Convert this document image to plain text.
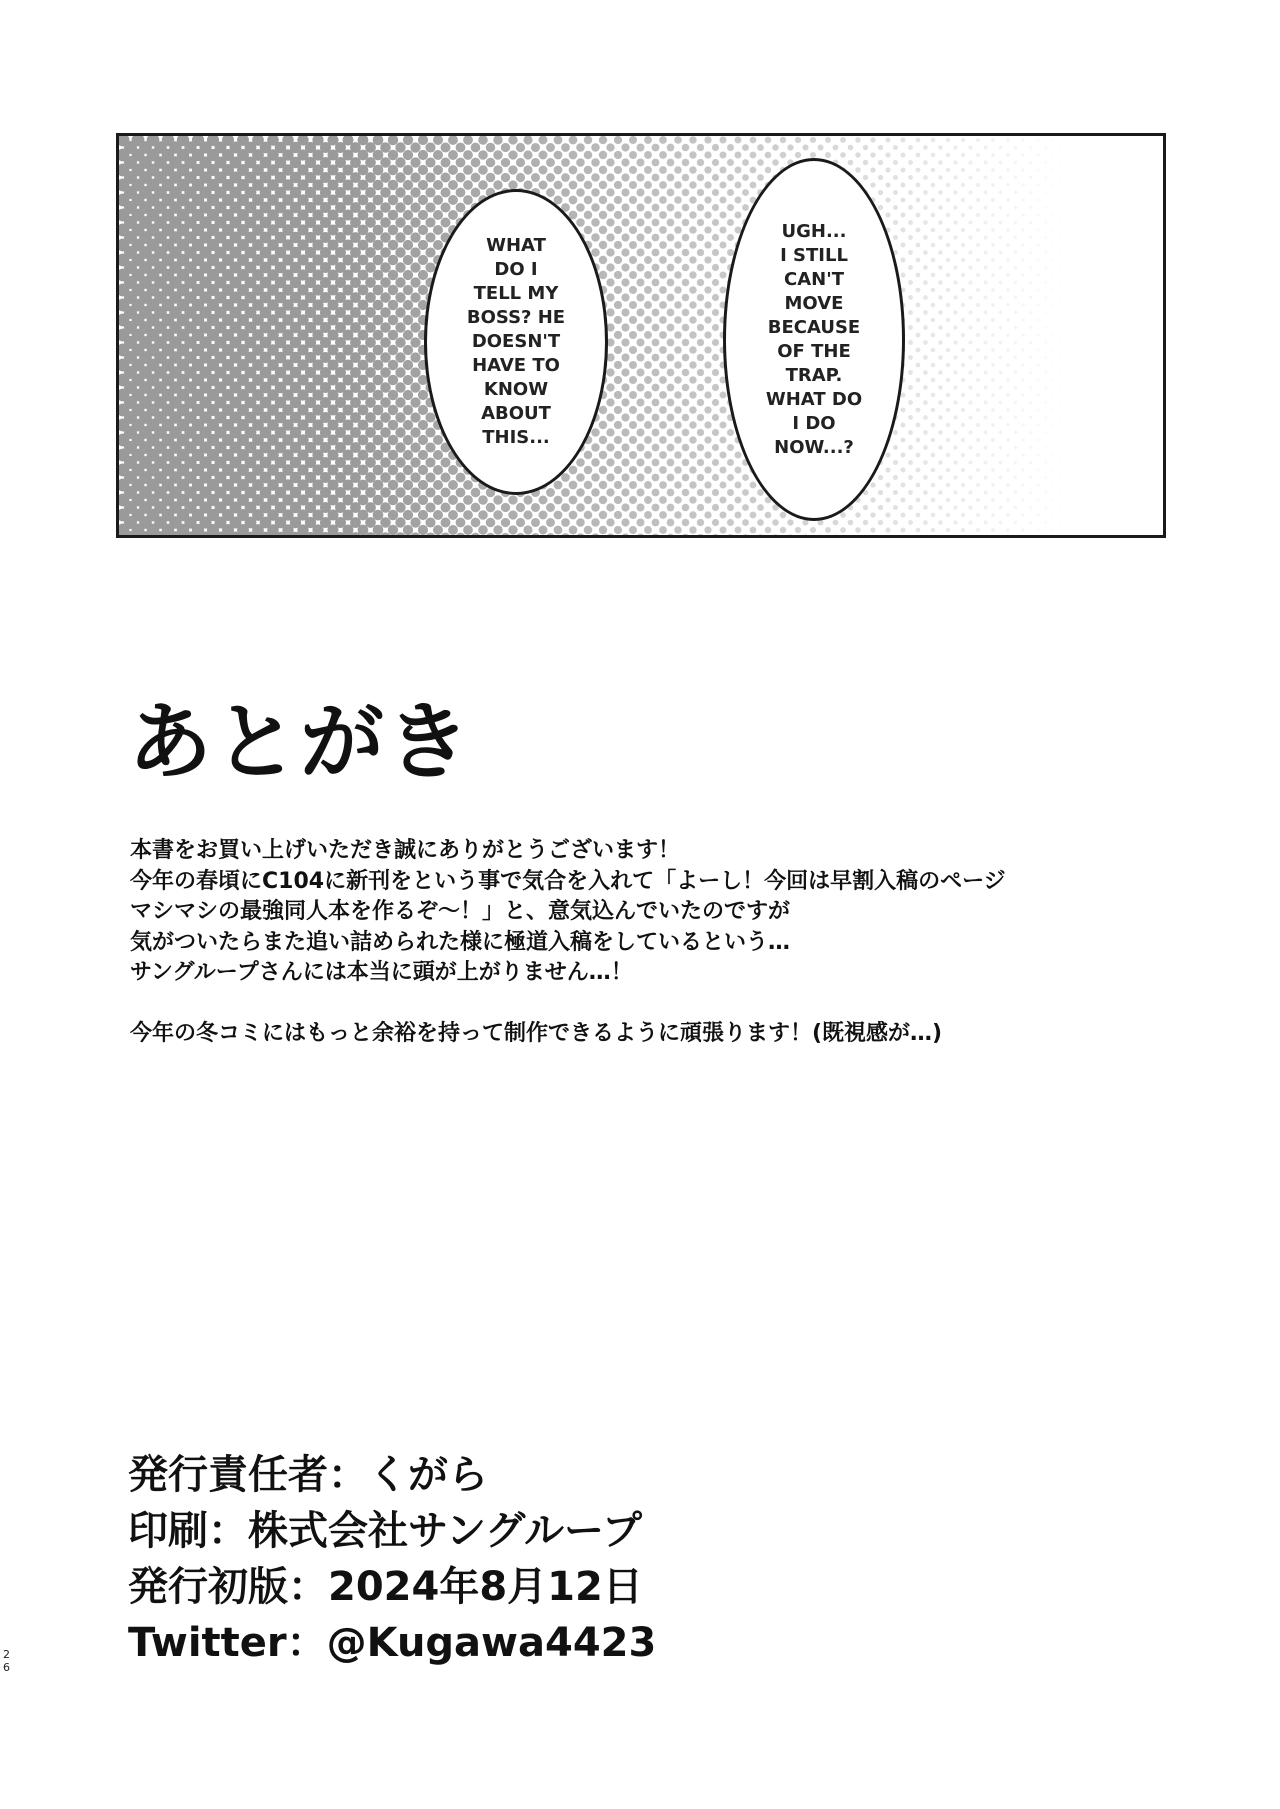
WHAT
DO I
TELL MY
BOSS? HE
DOESN'T
HAVE TO
KNOW
ABOUT
THIS...
UGH...
I STILL
CAN'T
MOVE
BECAUSE
OF THE
TRAP.
WHAT DO
I DO
NOW...?
あとがき
本書をお買い上げいただき誠にありがとうございます！
今年の春頃にC104に新刊をという事で気合を入れて「よーし！今回は早割入稿のページ
マシマシの最強同人本を作るぞ〜！」と、意気込んでいたのですが
気がついたらまた追い詰められた様に極道入稿をしているという…
サングループさんには本当に頭が上がりません…！
今年の冬コミにはもっと余裕を持って制作できるように頑張ります！(既視感が…)
発行責任者：くがら
印刷：株式会社サングループ
発行初版：2024年8月12日
Twitter：@Kugawa4423
2
6
